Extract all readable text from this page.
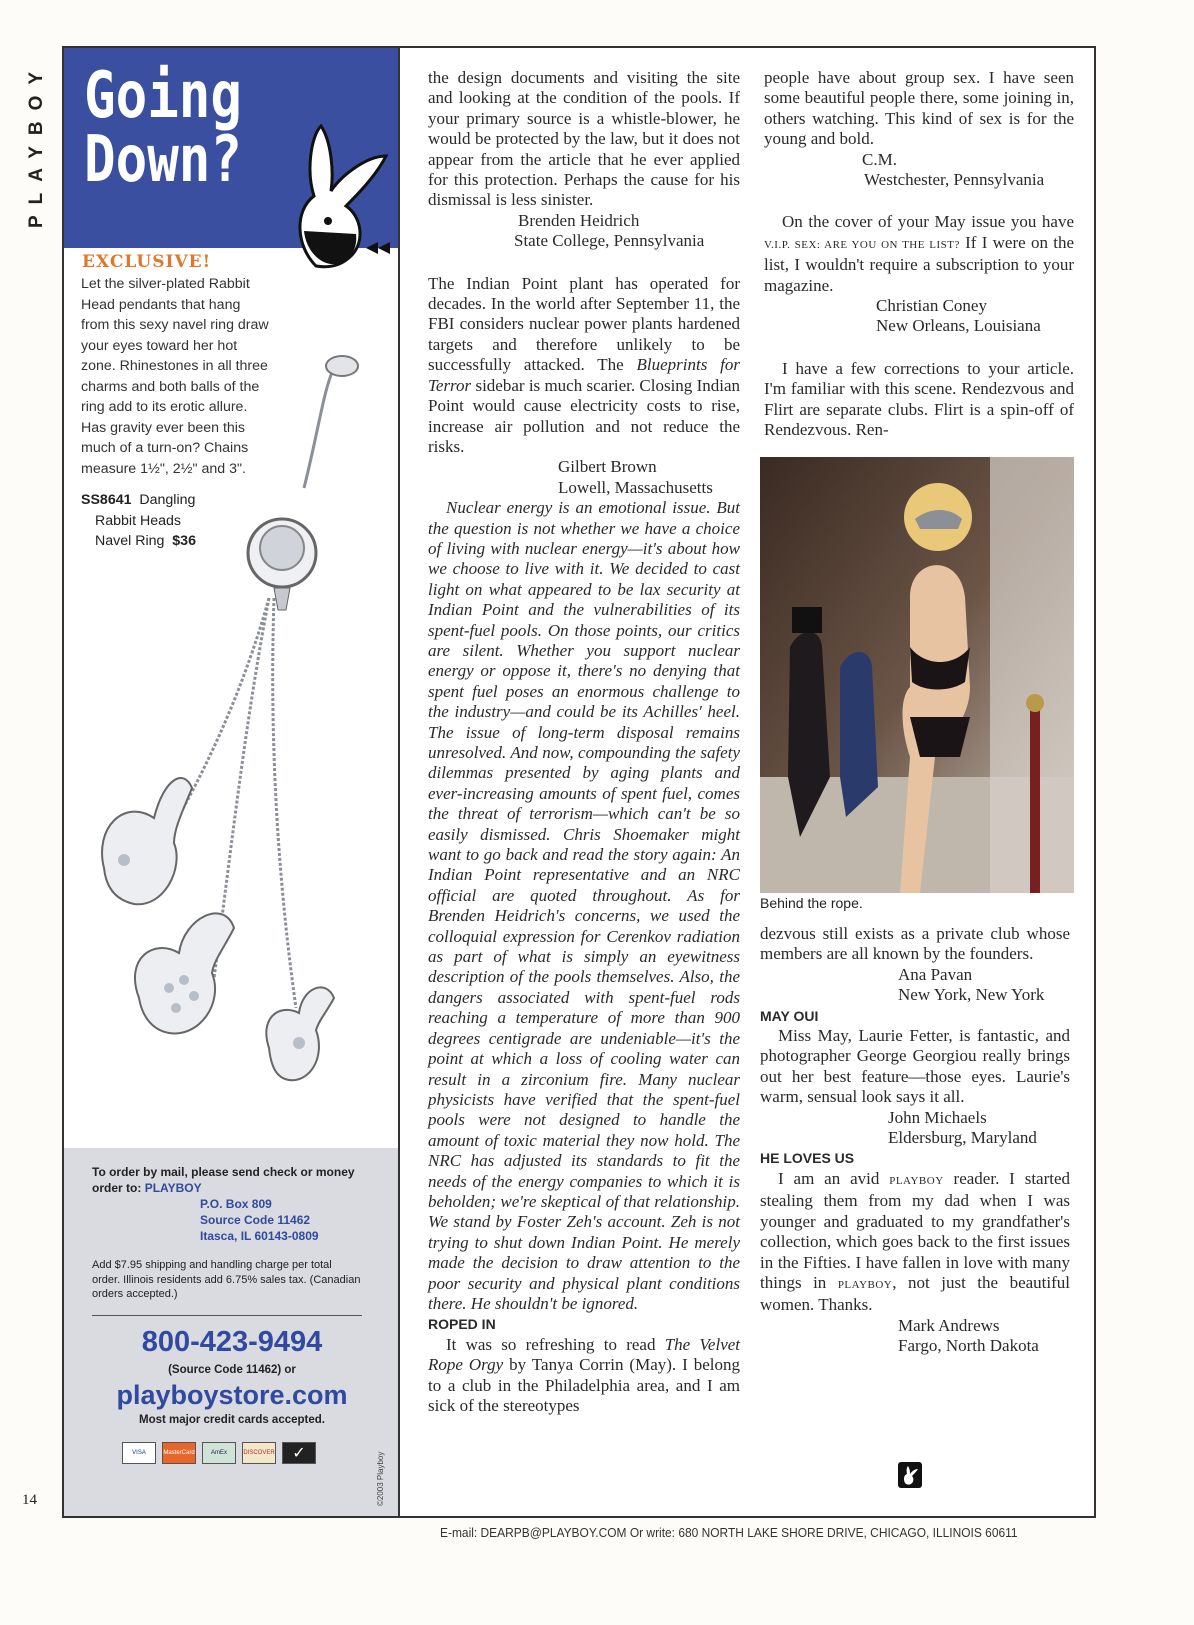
PLAYBOY Going
Down?
EXCLUSIVE!
Let the silver-plated Rabbit Head pendants that hang from this sexy navel ring draw your eyes toward her hot zone. Rhinestones in all three charms and both balls of the ring add to its erotic allure. Has gravity ever been this much of a turn-on? Chains measure 1½", 2½" and 3".
SS8641 Dangling
Rabbit Heads
Navel Ring $36
To order by mail, please send check or money order to: PLAYBOY
P.O. Box 809
Source Code 11462
Itasca, IL 60143-0809
Add $7.95 shipping and handling charge per total order. Illinois residents add 6.75% sales tax. (Canadian orders accepted.)
800-423-9494
(Source Code 11462) or
playboystore.com
Most major credit cards accepted.
VISA	MasterCard	AmEx	DISCOVER	✓	©2003 Playboy
14

the design documents and visiting the site and looking at the condition of the pools. If your primary source is a whistle-blower, he would be protected by the law, but it does not appear from the article that he ever applied for this protection. Perhaps the cause for his dismissal is less sinister.

Brenden Heidrich

State College, Pennsylvania

The Indian Point plant has operated for decades. In the world after September 11, the FBI considers nuclear power plants hardened targets and therefore unlikely to be successfully attacked. The Blueprints for Terror sidebar is much scarier. Closing Indian Point would cause electricity costs to rise, increase air pollution and not reduce the risks.

Gilbert Brown

Lowell, Massachusetts

Nuclear energy is an emotional issue. But the question is not whether we have a choice of living with nuclear energy—it's about how we choose to live with it. We decided to cast light on what appeared to be lax security at Indian Point and the vulnerabilities of its spent-fuel pools. On those points, our critics are silent. Whether you support nuclear energy or oppose it, there's no denying that spent fuel poses an enormous challenge to the industry—and could be its Achilles' heel. The issue of long-term disposal remains unresolved. And now, compounding the safety dilemmas presented by aging plants and ever-increasing amounts of spent fuel, comes the threat of terrorism—which can't be so easily dismissed. Chris Shoemaker might want to go back and read the story again: An Indian Point representative and an NRC official are quoted throughout. As for Brenden Heidrich's concerns, we used the colloquial expression for Cerenkov radiation as part of what is simply an eyewitness description of the pools themselves. Also, the dangers associated with spent-fuel rods reaching a temperature of more than 900 degrees centigrade are undeniable—it's the point at which a loss of cooling water can result in a zirconium fire. Many nuclear physicists have verified that the spent-fuel pools were not designed to handle the amount of toxic material they now hold. The NRC has adjusted its standards to fit the needs of the energy companies to which it is beholden; we're skeptical of that relationship. We stand by Foster Zeh's account. Zeh is not trying to shut down Indian Point. He merely made the decision to draw attention to the poor security and physical plant conditions there. He shouldn't be ignored.

ROPED IN

It was so refreshing to read The Velvet Rope Orgy by Tanya Corrin (May). I belong to a club in the Philadelphia area, and I am sick of the stereotypes

people have about group sex. I have seen some beautiful people there, some joining in, others watching. This kind of sex is for the young and bold.

C.M.

Westchester, Pennsylvania

On the cover of your May issue you have V.I.P. SEX: ARE YOU ON THE LIST? If I were on the list, I wouldn't require a subscription to your magazine.

Christian Coney

New Orleans, Louisiana

I have a few corrections to your article. I'm familiar with this scene. Rendezvous and Flirt are separate clubs. Flirt is a spin-off of Rendezvous. Ren-

Behind the rope.

dezvous still exists as a private club whose members are all known by the founders.

Ana Pavan

New York, New York

MAY OUI

Miss May, Laurie Fetter, is fantastic, and photographer George Georgiou really brings out her best feature—those eyes. Laurie's warm, sensual look says it all.

John Michaels

Eldersburg, Maryland

HE LOVES US

I am an avid PLAYBOY reader. I started stealing them from my dad when I was younger and graduated to my grandfather's collection, which goes back to the first issues in the Fifties. I have fallen in love with many things in PLAYBOY, not just the beautiful women. Thanks.

Mark Andrews

Fargo, North Dakota

E-mail: DEARPB@PLAYBOY.COM Or write: 680 NORTH LAKE SHORE DRIVE, CHICAGO, ILLINOIS 60611
